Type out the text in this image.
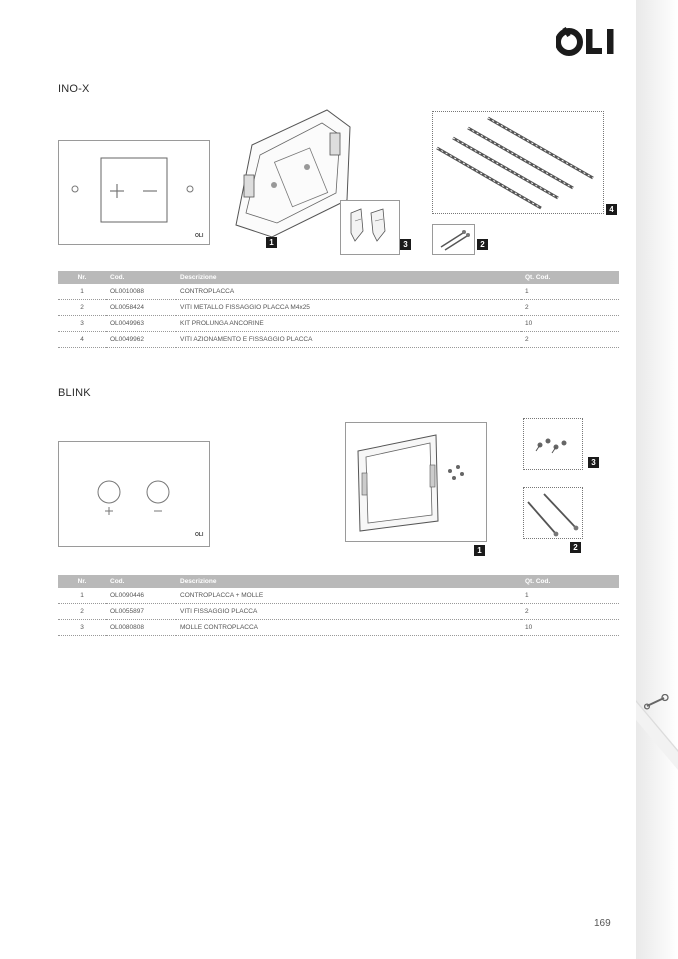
INO-X
OLI
1	3	2
4
Nr.	Cod.	Descrizione	Qt. Cod.
1	OL0010088	CONTROPLACCA	1
2	OL0058424	VITI METALLO FISSAGGIO PLACCA M4x25	2
3	OL0049963	KIT PROLUNGA ANCORINE	10
4	OL0049962	VITI AZIONAMENTO E FISSAGGIO PLACCA	2
BLINK
OLI
1
3
2
Nr.	Cod.	Descrizione	Qt. Cod.
1	OL0090446	CONTROPLACCA + MOLLE	1
2	OL0055897	VITI FISSAGGIO PLACCA	2
3	OL0080808	MOLLE CONTROPLACCA	10
169
